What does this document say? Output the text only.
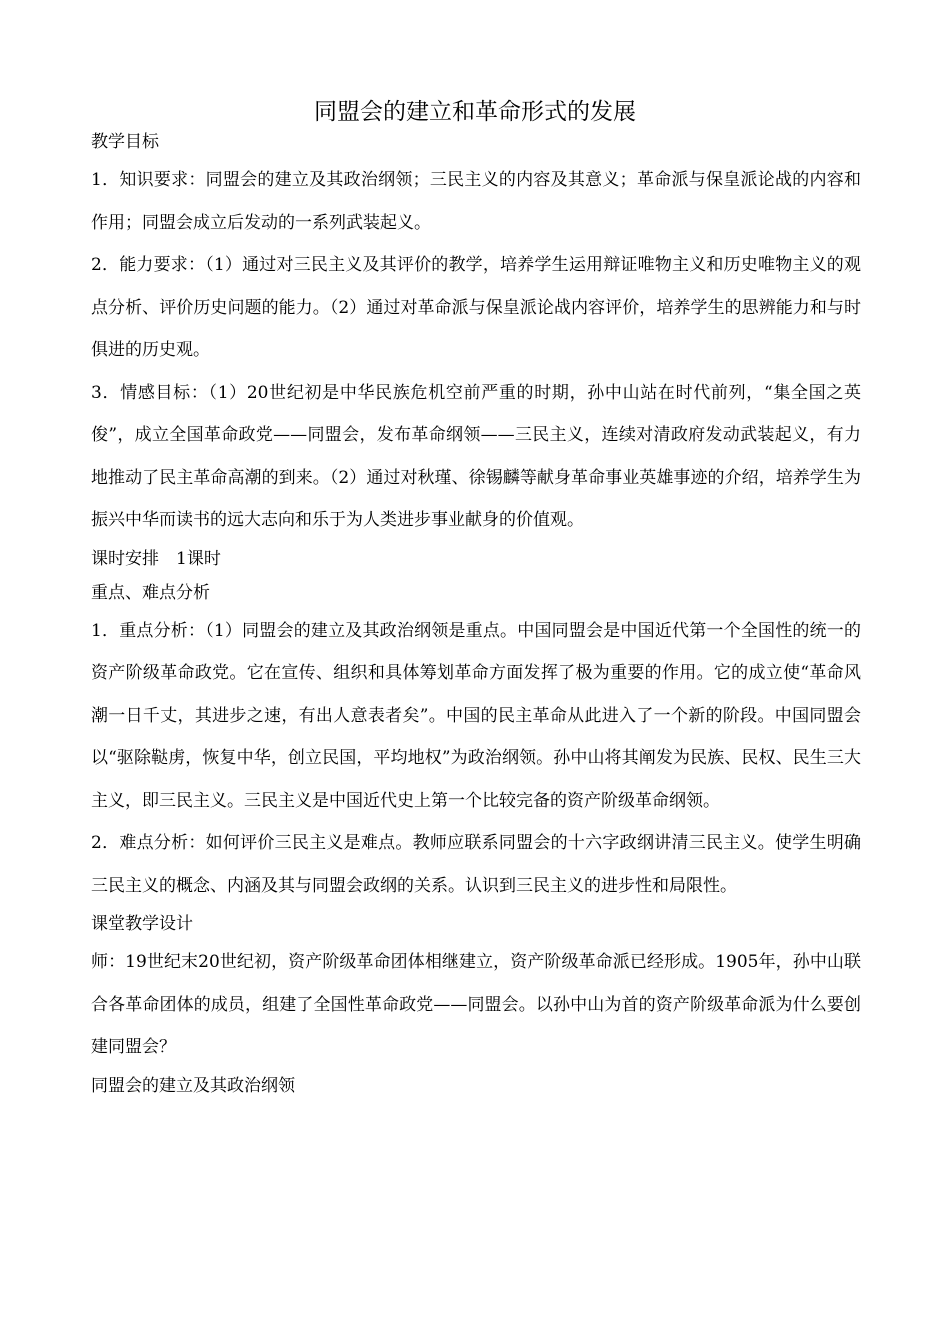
同盟会的建立和革命形式的发展

教学目标

1．知识要求：同盟会的建立及其政治纲领；三民主义的内容及其意义；革命派与保皇派论战的内容和作用；同盟会成立后发动的一系列武装起义。

2．能力要求：（1）通过对三民主义及其评价的教学，培养学生运用辩证唯物主义和历史唯物主义的观点分析、评价历史问题的能力。（2）通过对革命派与保皇派论战内容评价，培养学生的思辨能力和与时俱进的历史观。

3．情感目标：（1）20世纪初是中华民族危机空前严重的时期，孙中山站在时代前列，“集全国之英俊”，成立全国革命政党——同盟会，发布革命纲领——三民主义，连续对清政府发动武装起义，有力地推动了民主革命高潮的到来。（2）通过对秋瑾、徐锡麟等献身革命事业英雄事迹的介绍，培养学生为振兴中华而读书的远大志向和乐于为人类进步事业献身的价值观。

课时安排　1课时

重点、难点分析

1．重点分析：（1）同盟会的建立及其政治纲领是重点。中国同盟会是中国近代第一个全国性的统一的资产阶级革命政党。它在宣传、组织和具体筹划革命方面发挥了极为重要的作用。它的成立使“革命风潮一日千丈，其进步之速，有出人意表者矣”。中国的民主革命从此进入了一个新的阶段。中国同盟会以“驱除鞑虏，恢复中华，创立民国，平均地权”为政治纲领。孙中山将其阐发为民族、民权、民生三大主义，即三民主义。三民主义是中国近代史上第一个比较完备的资产阶级革命纲领。

2．难点分析：如何评价三民主义是难点。教师应联系同盟会的十六字政纲讲清三民主义。使学生明确三民主义的概念、内涵及其与同盟会政纲的关系。认识到三民主义的进步性和局限性。

课堂教学设计

师：19世纪末20世纪初，资产阶级革命团体相继建立，资产阶级革命派已经形成。1905年，孙中山联合各革命团体的成员，组建了全国性革命政党——同盟会。以孙中山为首的资产阶级革命派为什么要创建同盟会？

同盟会的建立及其政治纲领
